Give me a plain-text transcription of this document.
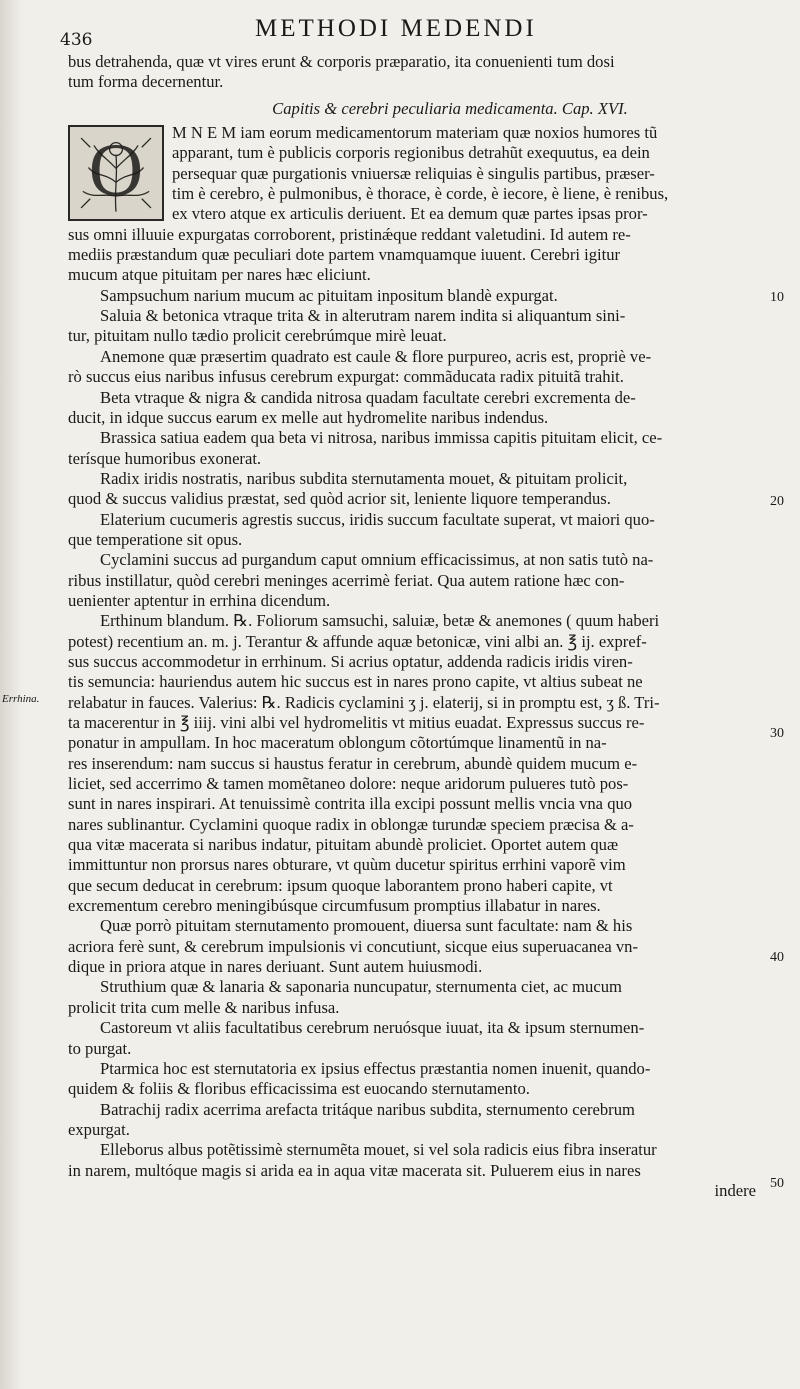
436	METHODI MEDENDI
Errhina.
10
20
30
40
50
bus detrahenda, quæ vt vires erunt & corporis præparatio, ita conuenienti tum dosi
tum forma decernentur.
Capitis & cerebri peculiaria medicamenta. Cap. XVI.
O	M N E M iam eorum medicamentorum materiam quæ noxios humores tũ
apparant, tum è publicis corporis regionibus detrahũt exequutus, ea dein
persequar quæ purgationis vniuersæ reliquias è singulis partibus, præser-
tim è cerebro, è pulmonibus, è thorace, è corde, è iecore, è liene, è renibus,
ex vtero atque ex articulis deriuent. Et ea demum quæ partes ipsas pror-
sus omni illuuie expurgatas corroborent, pristinǽque reddant valetudini. Id autem re-
mediis præstandum quæ peculiari dote partem vnamquamque iuuent. Cerebri igitur
mucum atque pituitam per nares hæc eliciunt.
Sampsuchum narium mucum ac pituitam inpositum blandè expurgat.
Saluia & betonica vtraque trita & in alterutram narem indita si aliquantum sini-
tur, pituitam nullo tædio prolicit cerebrúmque mirè leuat.
Anemone quæ præsertim quadrato est caule & flore purpureo, acris est, propriè ve-
rò succus eius naribus infusus cerebrum expurgat: commãducata radix pituitã trahit.
Beta vtraque & nigra & candida nitrosa quadam facultate cerebri excrementa de-
ducit, in idque succus earum ex melle aut hydromelite naribus indendus.
Brassica satiua eadem qua beta vi nitrosa, naribus immissa capitis pituitam elicit, ce-
terísque humoribus exonerat.
Radix iridis nostratis, naribus subdita sternutamenta mouet, & pituitam prolicit,
quod & succus validius præstat, sed quòd acrior sit, leniente liquore temperandus.
Elaterium cucumeris agrestis succus, iridis succum facultate superat, vt maiori quo-
que temperatione sit opus.
Cyclamini succus ad purgandum caput omnium efficacissimus, at non satis tutò na-
ribus instillatur, quòd cerebri meninges acerrimè feriat. Qua autem ratione hæc con-
uenienter aptentur in errhina dicendum.
Erthinum blandum. ℞. Foliorum samsuchi, saluiæ, betæ & anemones ( quum haberi
potest) recentium an. m. j. Terantur & affunde aquæ betonicæ, vini albi an. ℥ ij. expref-
sus succus accommodetur in errhinum. Si acrius optatur, addenda radicis iridis viren-
tis semuncia: hauriendus autem hic succus est in nares prono capite, vt altius subeat ne
relabatur in fauces. Valerius: ℞. Radicis cyclamini ʒ j. elaterij, si in promptu est, ʒ ß. Tri-
ta macerentur in ℥ iiij. vini albi vel hydromelitis vt mitius euadat. Expressus succus re-
ponatur in ampullam. In hoc maceratum oblongum cõtortúmque linamentũ in na-
res inserendum: nam succus si haustus feratur in cerebrum, abundè quidem mucum e-
liciet, sed accerrimo & tamen momẽtaneo dolore: neque aridorum pulueres tutò pos-
sunt in nares inspirari. At tenuissimè contrita illa excipi possunt mellis vncia vna quo
nares sublinantur. Cyclamini quoque radix in oblongæ turundæ speciem præcisa & a-
qua vitæ macerata si naribus indatur, pituitam abundè proliciet. Oportet autem quæ
immittuntur non prorsus nares obturare, vt quùm ducetur spiritus errhini vaporẽ vim
que secum deducat in cerebrum: ipsum quoque laborantem prono haberi capite, vt
excrementum cerebro meningibúsque circumfusum promptius illabatur in nares.
Quæ porrò pituitam sternutamento promouent, diuersa sunt facultate: nam & his
acriora ferè sunt, & cerebrum impulsionis vi concutiunt, sicque eius superuacanea vn-
dique in priora atque in nares deriuant. Sunt autem huiusmodi.
Struthium quæ & lanaria & saponaria nuncupatur, sternumenta ciet, ac mucum
prolicit trita cum melle & naribus infusa.
Castoreum vt aliis facultatibus cerebrum neruósque iuuat, ita & ipsum sternumen-
to purgat.
Ptarmica hoc est sternutatoria ex ipsius effectus præstantia nomen inuenit, quando-
quidem & foliis & floribus efficacissima est euocando sternutamento.
Batrachij radix acerrima arefacta tritáque naribus subdita, sternumento cerebrum
expurgat.
Elleborus albus potẽtissimè sternumẽta mouet, si vel sola radicis eius fibra inseratur
in narem, multóque magis si arida ea in aqua vitæ macerata sit. Puluerem eius in nares
indere
